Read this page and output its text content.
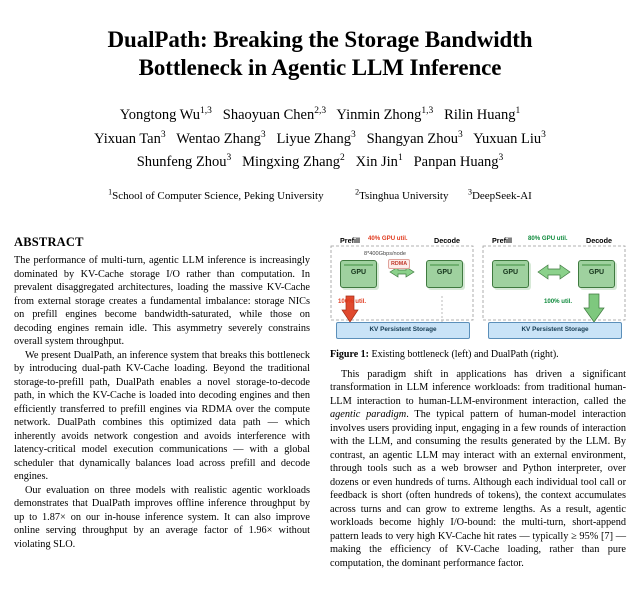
DualPath: Breaking the Storage Bandwidth
Bottleneck in Agentic LLM Inference
Yongtong Wu$^{1,3}$   Shaoyuan Chen$^{2,3}$   Yinmin Zhong$^{1,3}$   Rilin Huang$^1$
Yixuan Tan$^3$   Wentao Zhang$^3$   Liyue Zhang$^3$   Shangyan Zhou$^3$   Yuxuan Liu$^3$
Shunfeng Zhou$^3$   Mingxing Zhang$^2$   Xin Jin$^1$   Panpan Huang$^3$
$^1$School of Computer Science, Peking University	$^2$Tsinghua University $^3$DeepSeek-AI
ABSTRACT

The performance of multi-turn, agentic LLM inference is increasingly dominated by KV-Cache storage I/O rather than computation. In prevalent disaggregated architectures, loading the massive KV-Cache from external storage creates a fundamental imbalance: storage NICs on prefill engines become bandwidth-saturated, while those on decoding engines remain idle. This asymmetry severely constrains overall system throughput.

We present DualPath, an inference system that breaks this bottleneck by introducing dual-path KV-Cache loading. Beyond the traditional storage-to-prefill path, DualPath enables a novel storage-to-decode path, in which the KV-Cache is loaded into decoding engines and then efficiently transferred to prefill engines via RDMA over the compute network. DualPath combines this optimized data path — which inherently avoids network congestion and avoids interference with latency-critical model execution communications — with a global scheduler that dynamically balances load across prefill and decode engines.

Our evaluation on three models with realistic agentic workloads demonstrates that DualPath improves offline inference throughput by up to 1.87× on our in-house inference system. It can also improve online serving throughput by an average factor of 1.96× without violating SLO.

Prefill	Decode
40% GPU util.
8*400Gbps/node
GPU	GPU
RDMA
100% util.
KV Persistent Storage
Prefill	Decode
80% GPU util.
GPU	GPU
100% util.
KV Persistent Storage
Figure 1: Existing bottleneck (left) and DualPath (right).

This paradigm shift in applications has driven a significant transformation in LLM inference workloads: from traditional human-LLM interaction to human-LLM-environment interaction, called the agentic paradigm. The typical pattern of human-model interaction involves users providing input, engaging in a few rounds of interaction with the LLM, and consuming the results generated by the LLM. By contrast, an agentic LLM may interact with an external environment, through tools such as a web browser and Python interpreter, over dozens or even hundreds of turns. Although each individual tool call or feedback is short (often hundreds of tokens), the context accumulates across turns and can grow to extreme lengths. As a result, agentic workloads become highly I/O-bound: the multi-turn, short-append pattern leads to very high KV-Cache hit rates — typically ≥ 95% [7] — making the efficiency of KV-Cache loading, rather than pure computation, the dominant performance factor.
